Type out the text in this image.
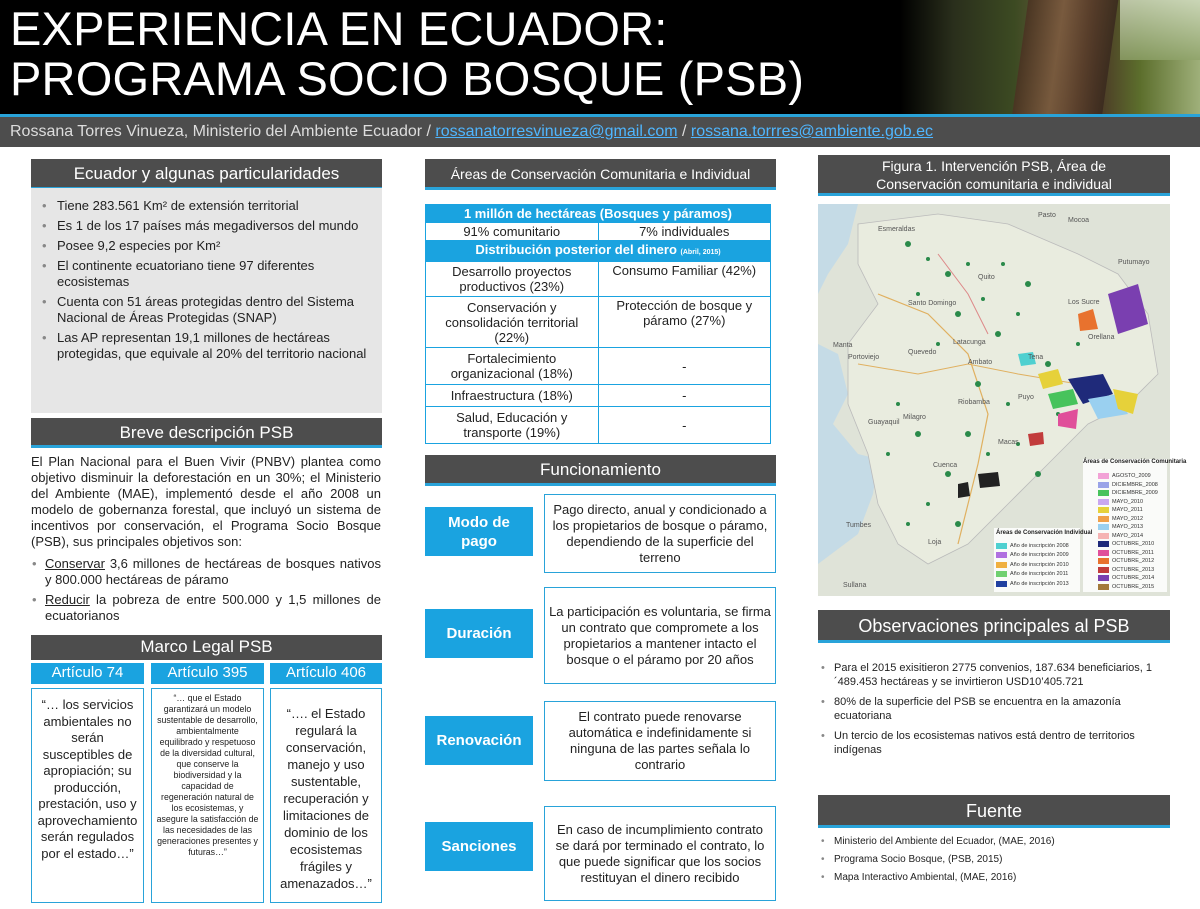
EXPERIENCIA EN ECUADOR:
PROGRAMA SOCIO BOSQUE (PSB)
Rossana Torres Vinueza, Ministerio del Ambiente Ecuador / rossanatorresvinueza@gmail.com / rossana.torrres@ambiente.gob.ec
Ecuador y algunas particularidades
• Tiene 283.561 Km² de extensión territorial
• Es 1 de los 17 países más megadiversos del mundo
• Posee 9,2 especies por Km²
• El continente ecuatoriano tiene 97 diferentes ecosistemas
• Cuenta con 51 áreas protegidas dentro del Sistema Nacional de Áreas Protegidas (SNAP)
• Las AP representan 19,1 millones de hectáreas protegidas, que equivale al 20% del territorio nacional
Breve descripción PSB
El Plan Nacional para el Buen Vivir (PNBV) plantea como objetivo disminuir la deforestación en un 30%; el Ministerio del Ambiente (MAE), implementó desde el año 2008 un modelo de gobernanza forestal, que incluyó un sistema de incentivos por conservación, el Programa Socio Bosque (PSB), sus principales objetivos son:
• Conservar 3,6 millones de hectáreas de bosques nativos y 800.000 hectáreas de páramo
• Reducir la pobreza de entre 500.000 y 1,5 millones de ecuatorianos
Marco Legal PSB
Artículo 74	Artículo 395	Artículo 406
“… los servicios ambientales no serán susceptibles de apropiación; su producción, prestación, uso y aprovechamiento serán regulados por el estado…”
“… que el Estado garantizará un modelo sustentable de desarrollo, ambientalmente equilibrado y respetuoso de la diversidad cultural, que conserve la biodiversidad y la capacidad de regeneración natural de los ecosistemas, y asegure la satisfacción de las necesidades de las generaciones presentes y futuras…”
“…. el Estado regulará la conservación, manejo y uso sustentable, recuperación y limitaciones de dominio de los ecosistemas frágiles y amenazados…”
Áreas de Conservación Comunitaria e Individual
1 millón de hectáreas (Bosques y páramos)	
91% comunitario	7% individuales
Distribución posterior del dinero (Abril, 2015)	
Desarrollo proyectos productivos (23%)	Consumo Familiar (42%)
Conservación y consolidación territorial (22%)	Protección de bosque y páramo (27%)
Fortalecimiento organizacional (18%)	-
Infraestructura (18%)	-
Salud, Educación y transporte (19%)	-
Funcionamiento
Modo de pago
Pago directo, anual y condicionado a los propietarios de bosque o páramo, dependiendo de la superficie del terreno
Duración
La participación es voluntaria, se firma un contrato que compromete a los propietarios a mantener intacto el bosque o el páramo por 20 años
Renovación
El contrato puede renovarse automática e indefinidamente si ninguna de las partes señala lo contrario
Sanciones
En caso de incumplimiento contrato se dará por terminado el contrato, lo que puede significar que los socios restituyan el dinero recibido
Figura 1. Intervención PSB, Área de
Conservación comunitaria e individual
Esmeraldas
Pasto
Mocoa
Putumayo
Santo Domingo
Quito
Los Sucre
Orellana
Manta
Portoviejo
Quevedo
Ambato
Guayaquil
Cuenca
Tumbes
Sullana
Loja
Riobamba
Milagro
Latacunga
Macas
Puyo
Tena
Áreas de Conservación Comunitaria
AGOSTO_2009
DICIEMBRE_2008
DICIEMBRE_2009
MAYO_2010
MAYO_2011
MAYO_2012
MAYO_2013
MAYO_2014
OCTUBRE_2010
OCTUBRE_2011
OCTUBRE_2012
OCTUBRE_2013
OCTUBRE_2014
OCTUBRE_2015
Áreas de Conservación Individual
Año de inscripción 2008
Año de inscripción 2009
Año de inscripción 2010
Año de inscripción 2011
Año de inscripción 2013
Observaciones principales al PSB
• Para el 2015 exisitieron 2775 convenios, 187.634 beneficiarios, 1´489.453 hectáreas y se invirtieron USD10’405.721
• 80% de la superficie del PSB se encuentra en la amazonía ecuatoriana
• Un tercio de los ecosistemas nativos está dentro de territorios indígenas
Fuente
• Ministerio del Ambiente del Ecuador, (MAE, 2016)
• Programa Socio Bosque, (PSB, 2015)
• Mapa Interactivo Ambiental, (MAE, 2016)
